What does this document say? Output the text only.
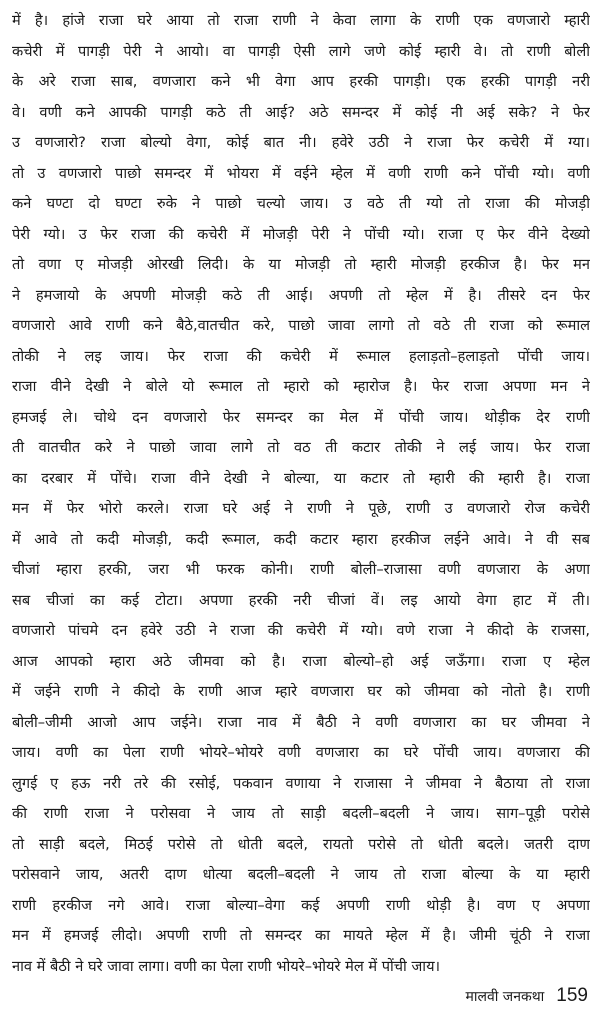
में है। हांजे राजा घरे आया तो राजा राणी ने केवा लागा के राणी एक वणजारो म्हारी
कचेरी में पागड़ी पेरी ने आयो। वा पागड़ी ऐसी लागे जणे कोई म्हारी वे। तो राणी बोली
के अरे राजा साब, वणजारा कने भी वेगा आप हरकी पागड़ी। एक हरकी पागड़ी नरी
वे। वणी कने आपकी पागड़ी कठे ती आई? अठे समन्दर में कोई नी अई सके? ने फेर
उ वणजारो? राजा बोल्यो वेगा, कोई बात नी। हवेरे उठी ने राजा फेर कचेरी में ग्या।
तो उ वणजारो पाछो समन्दर में भोयरा में वईने म्हेल में वणी राणी कने पोंची ग्यो। वणी
कने घण्टा दो घण्टा रुके ने पाछो चल्यो जाय। उ वठे ती ग्यो तो राजा की मोजड़ी
पेरी ग्यो। उ फेर राजा की कचेरी में मोजड़ी पेरी ने पोंची ग्यो। राजा ए फेर वीने देख्यो
तो वणा ए मोजड़ी ओरखी लिदी। के या मोजड़ी तो म्हारी मोजड़ी हरकीज है। फेर मन
ने हमजायो के अपणी मोजड़ी कठे ती आई। अपणी तो म्हेल में है। तीसरे दन फेर
वणजारो आवे राणी कने बैठे,वातचीत करे, पाछो जावा लागो तो वठे ती राजा को रूमाल
तोकी ने लइ जाय। फेर राजा की कचेरी में रूमाल हलाड़तो–हलाड़तो पोंची जाय।
राजा वीने देखी ने बोले यो रूमाल तो म्हारो को म्हारोज है। फेर राजा अपणा मन ने
हमजई ले। चोथे दन वणजारो फेर समन्दर का मेल में पोंची जाय। थोड़ीक देर राणी
ती वातचीत करे ने पाछो जावा लागे तो वठ ती कटार तोकी ने लई जाय। फेर राजा
का दरबार में पोंचे। राजा वीने देखी ने बोल्या, या कटार तो म्हारी की म्हारी है। राजा
मन में फेर भोरो करले। राजा घरे अई ने राणी ने पूछे, राणी उ वणजारो रोज कचेरी
में आवे तो कदी मोजड़ी, कदी रूमाल, कदी कटार म्हारा हरकीज लईने आवे। ने वी सब
चीजां म्हारा हरकी, जरा भी फरक कोनी। राणी बोली–राजासा वणी वणजारा के अणा
सब चीजां का कई टोटा। अपणा हरकी नरी चीजां वें। लइ आयो वेगा हाट में ती।
वणजारो पांचमे दन हवेरे उठी ने राजा की कचेरी में ग्यो। वणे राजा ने कीदो के राजसा,
आज आपको म्हारा अठे जीमवा को है। राजा बोल्यो–हो अई जऊँगा। राजा ए म्हेल
में जईने राणी ने कीदो के राणी आज म्हारे वणजारा घर को जीमवा को नोतो है। राणी
बोली–जीमी आजो आप जईने। राजा नाव में बैठी ने वणी वणजारा का घर जीमवा ने
जाय। वणी का पेला राणी भोयरे–भोयरे वणी वणजारा का घरे पोंची जाय। वणजारा की
लुगई ए हऊ नरी तरे की रसोई, पकवान वणाया ने राजासा ने जीमवा ने बैठाया तो राजा
की राणी राजा ने परोसवा ने जाय तो साड़ी बदली–बदली ने जाय। साग–पूड़ी परोसे
तो साड़ी बदले, मिठई परोसे तो धोती बदले, रायतो परोसे तो धोती बदले। जतरी दाण
परोसवाने जाय, अतरी दाण धोत्या बदली–बदली ने जाय तो राजा बोल्या के या म्हारी
राणी हरकीज नगे आवे। राजा बोल्या–वेगा कई अपणी राणी थोड़ी है। वण ए अपणा
मन में हमजई लीदो। अपणी राणी तो समन्दर का मायते म्हेल में है। जीमी चूंठी ने राजा
नाव में बैठी ने घरे जावा लागा। वणी का पेला राणी भोयरे–भोयरे मेल में पोंची जाय।
मालवी जनकथा 159
